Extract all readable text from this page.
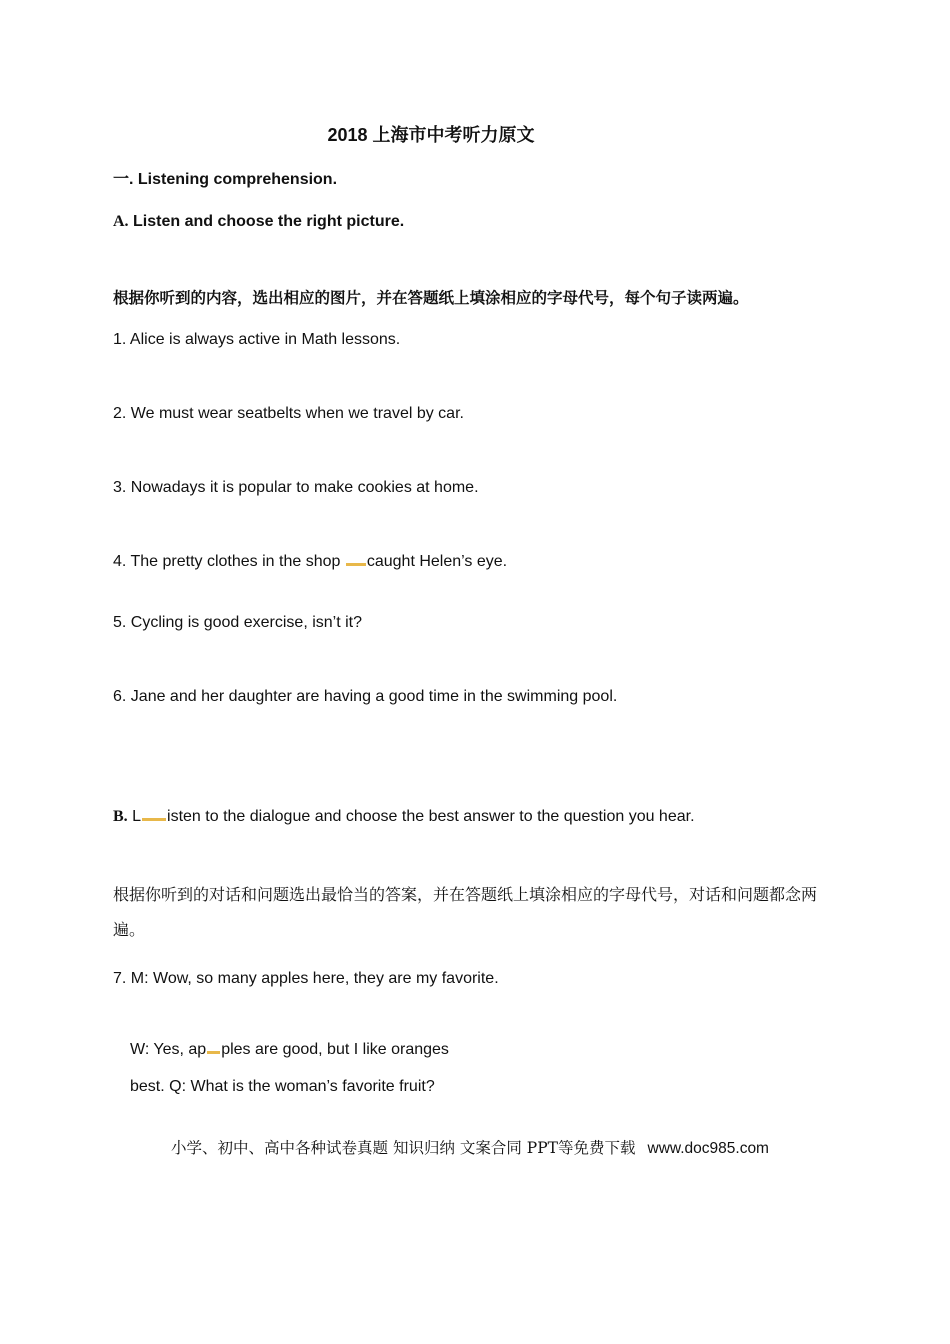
2018 上海市中考听力原文
一. Listening comprehension.
A. Listen and choose the right picture.
根据你听到的内容，选出相应的图片，并在答题纸上填涂相应的字母代号，每个句子读两遍。
1. Alice is always active in Math lessons.
2. We must wear seatbelts when we travel by car.
3. Nowadays it is popular to make cookies at home.
4. The pretty clothes in the shop caught Helen’s eye.
5. Cycling is good exercise, isn’t it?
6. Jane and her daughter are having a good time in the swimming pool.
B. L isten to the dialogue and choose the best answer to the question you hear.
根据你听到的对话和问题选出最恰当的答案，并在答题纸上填涂相应的字母代号，对话和问题都念两
遍。
7. M: Wow, so many apples here, they are my favorite.
W: Yes, ap ples are good, but I like oranges
best. Q: What is the woman’s favorite fruit?
小学、初中、高中各种试卷真题 知识归纳 文案合同 PPT等免费下载 www.doc985.com
